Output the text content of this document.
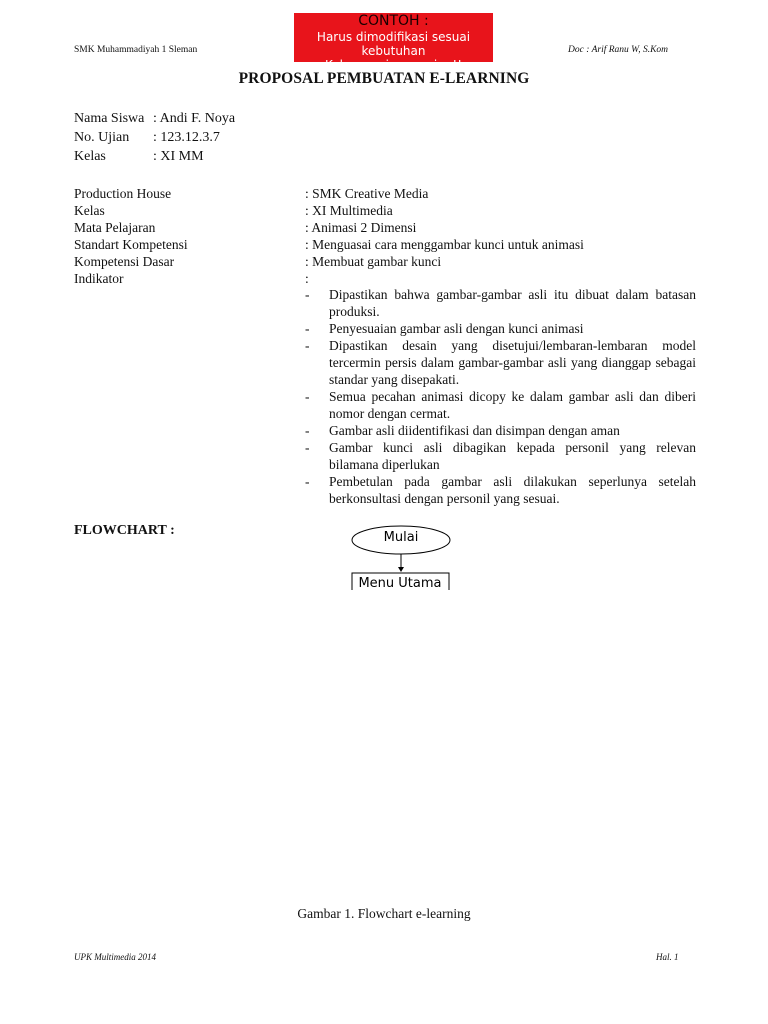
CONTOH :
Harus dimodifikasi sesuai
kebutuhan
Kelas masing-masing!!
SMK Muhammadiyah 1 Sleman	Doc : Arif Ranu W, S.Kom
PROPOSAL PEMBUATAN E-LEARNING
Nama Siswa : Andi F. Noya
No. Ujian : 123.12.3.7
Kelas	: XI MM
Production House	: SMK Creative Media
Kelas	: XI Multimedia
Mata Pelajaran	: Animasi 2 Dimensi
Standart Kompetensi	: Menguasai cara menggambar kunci untuk animasi
Kompetensi Dasar	: Membuat gambar kunci
Indikator	:
- Dipastikan bahwa gambar-gambar asli itu dibuat dalam batasan produksi.
- Penyesuaian gambar asli dengan kunci animasi
- Dipastikan desain yang disetujui/lembaran-lembaran model tercermin persis dalam gambar-gambar asli yang dianggap sebagai standar yang disepakati.
- Semua pecahan animasi dicopy ke dalam gambar asli dan diberi nomor dengan cermat.
- Gambar asli diidentifikasi dan disimpan dengan aman
- Gambar kunci asli dibagikan kepada personil yang relevan bilamana diperlukan
- Pembetulan pada gambar asli dilakukan seperlunya setelah berkonsultasi dengan personil yang sesuai.
FLOWCHART :	Mulai
Menu Utama
Gambar 1. Flowchart e-learning
UPK Multimedia 2014	Hal. 1
